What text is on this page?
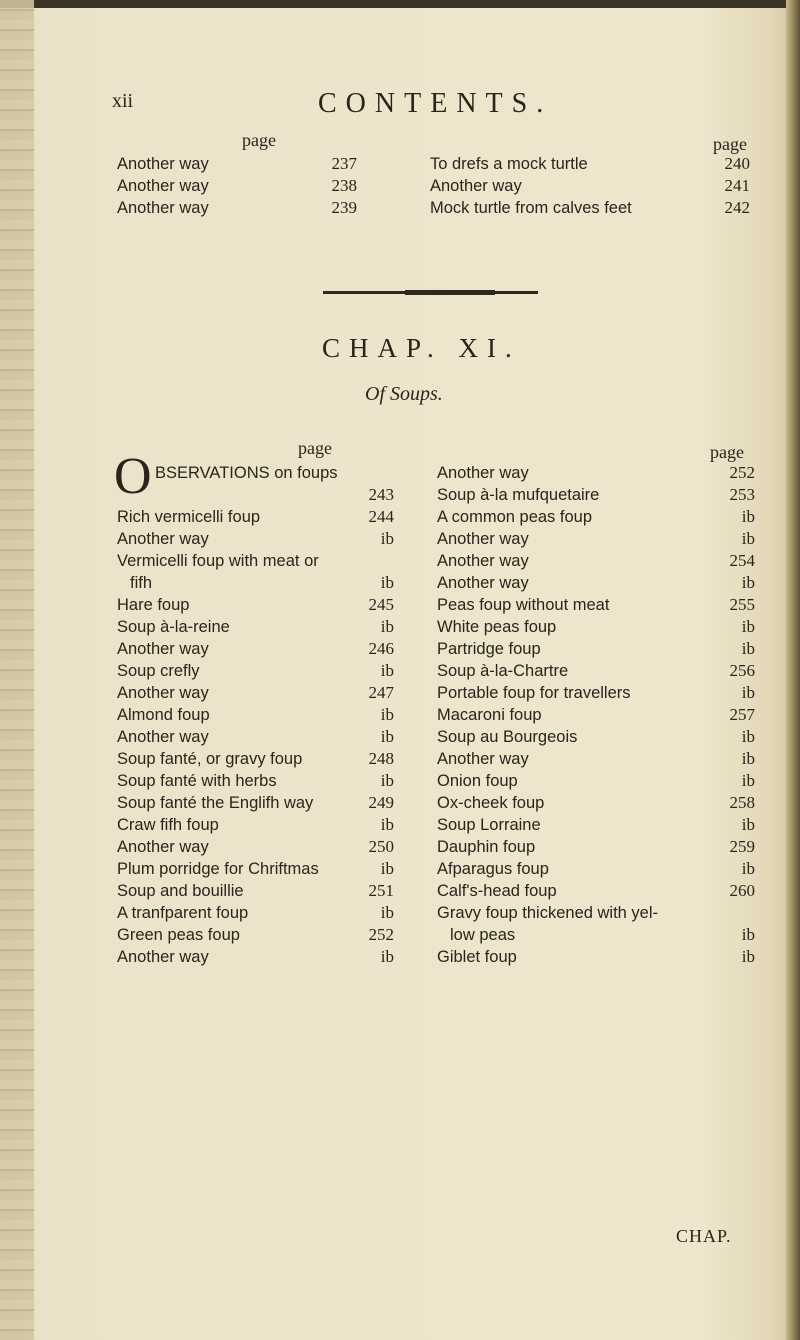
xii	CONTENTS.
page	page
Another way	237
Another way	238
Another way	239
To drefs a mock turtle	240
Another way	241
Mock turtle from calves feet	242
CHAP. XI.
Of Soups.
page	page
O BSERVATIONS on foups
243
Rich vermicelli foup	244
Another way	ib
Vermicelli foup with meat or
fifh	ib
Hare foup	245
Soup à-la-reine	ib
Another way	246
Soup crefly	ib
Another way	247
Almond foup	ib
Another way	ib
Soup fanté, or gravy foup	248
Soup fanté with herbs	ib
Soup fanté the Englifh way	249
Craw fifh foup	ib
Another way	250
Plum porridge for Chriftmas	ib
Soup and bouillie	251
A tranfparent foup	ib
Green peas foup	252
Another way	ib
Another way	252
Soup à-la mufquetaire	253
A common peas foup	ib
Another way	ib
Another way	254
Another way	ib
Peas foup without meat	255
White peas foup	ib
Partridge foup	ib
Soup à-la-Chartre	256
Portable foup for travellers	ib
Macaroni foup	257
Soup au Bourgeois	ib
Another way	ib
Onion foup	ib
Ox-cheek foup	258
Soup Lorraine	ib
Dauphin foup	259
Afparagus foup	ib
Calf's-head foup	260
Gravy foup thickened with yel-
low peas	ib
Giblet foup	ib
CHAP.
